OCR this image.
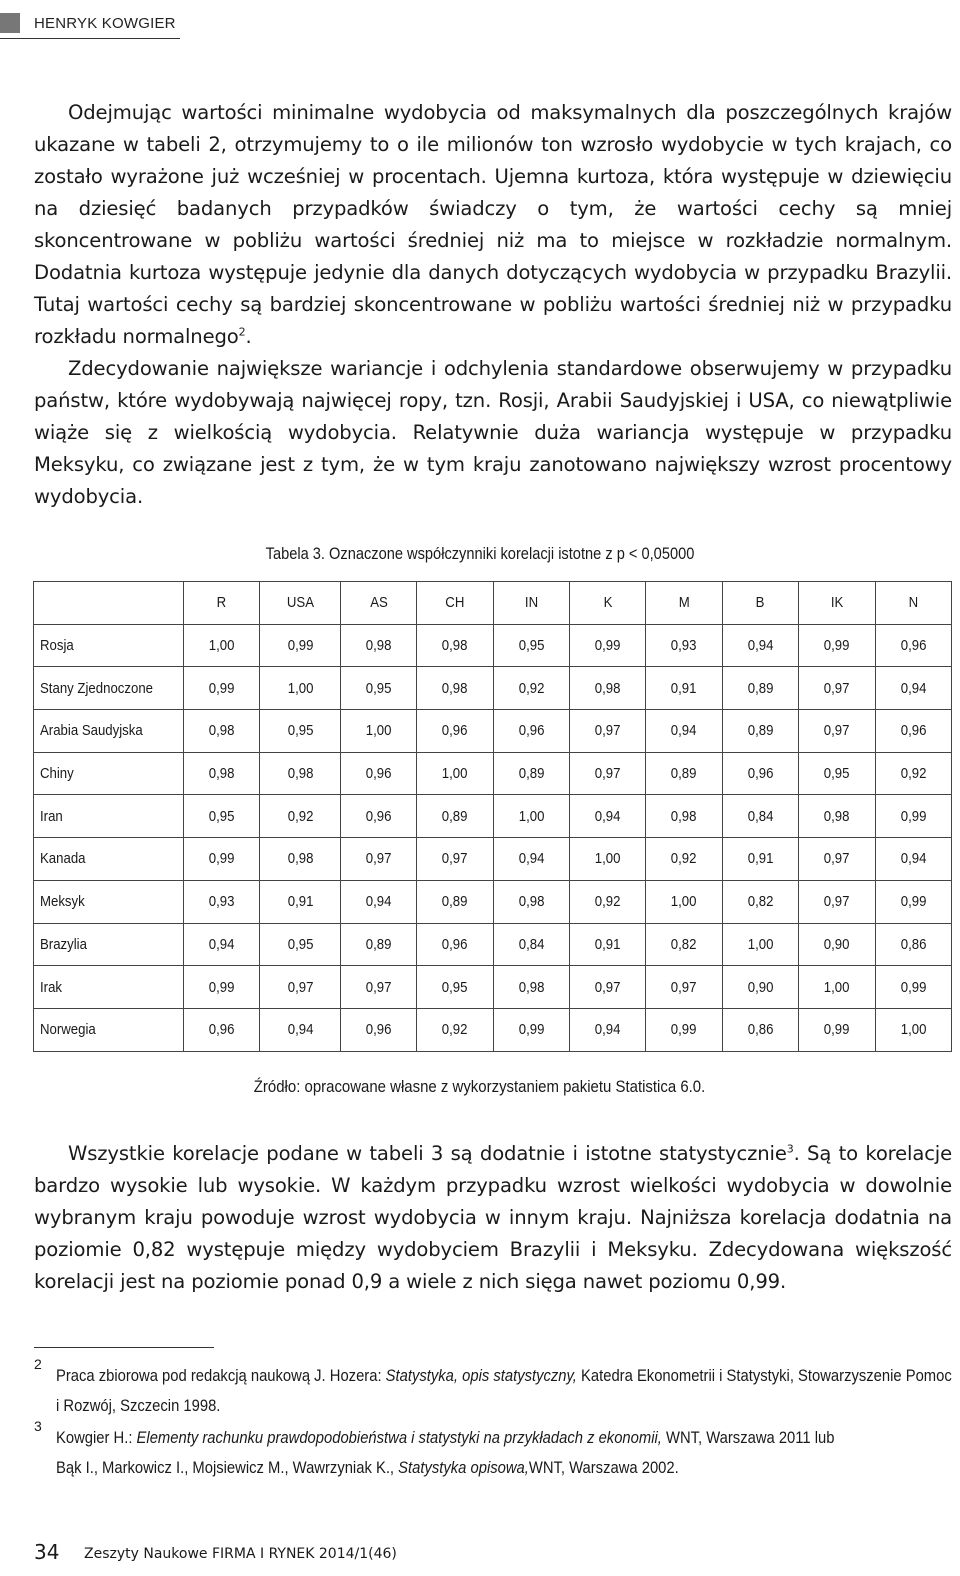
HENRYK KOWGIER

Odejmując wartości minimalne wydobycia od maksymalnych dla poszczególnych krajów ukazane w tabeli 2, otrzymujemy to o ile milionów ton wzrosło wydobycie w tych krajach, co zostało wyrażone już wcześniej w procentach. Ujemna kurtoza, która występuje w dziewięciu na dziesięć badanych przypadków świadczy o tym, że wartości cechy są mniej skoncentrowane w pobliżu wartości średniej niż ma to miejsce w rozkładzie normalnym. Dodatnia kurtoza występuje jedynie dla danych dotyczących wydobycia w przypadku Brazylii. Tutaj wartości cechy są bardziej skoncentrowane w pobliżu wartości średniej niż w przypadku rozkładu normalnego$^2$.

Zdecydowanie największe wariancje i odchylenia standardowe obserwujemy w przypadku państw, które wydobywają najwięcej ropy, tzn. Rosji, Arabii Saudyjskiej i USA, co niewątpliwie wiąże się z wielkością wydobycia. Relatywnie duża wariancja występuje w przypadku Meksyku, co związane jest z tym, że w tym kraju zanotowano największy wzrost procentowy wydobycia.

Tabela 3. Oznaczone współczynniki korelacji istotne z p < 0,05000
	R	USA	AS	CH	IN	K	M	B	IK	N
Rosja	1,00	0,99	0,98	0,98	0,95	0,99	0,93	0,94	0,99	0,96
Stany Zjednoczone	0,99	1,00	0,95	0,98	0,92	0,98	0,91	0,89	0,97	0,94
Arabia Saudyjska	0,98	0,95	1,00	0,96	0,96	0,97	0,94	0,89	0,97	0,96
Chiny	0,98	0,98	0,96	1,00	0,89	0,97	0,89	0,96	0,95	0,92
Iran	0,95	0,92	0,96	0,89	1,00	0,94	0,98	0,84	0,98	0,99
Kanada	0,99	0,98	0,97	0,97	0,94	1,00	0,92	0,91	0,97	0,94
Meksyk	0,93	0,91	0,94	0,89	0,98	0,92	1,00	0,82	0,97	0,99
Brazylia	0,94	0,95	0,89	0,96	0,84	0,91	0,82	1,00	0,90	0,86
Irak	0,99	0,97	0,97	0,95	0,98	0,97	0,97	0,90	1,00	0,99
Norwegia	0,96	0,94	0,96	0,92	0,99	0,94	0,99	0,86	0,99	1,00
Źródło: opracowane własne z wykorzystaniem pakietu Statistica 6.0.

Wszystkie korelacje podane w tabeli 3 są dodatnie i istotne statystycznie$^3$. Są to korelacje bardzo wysokie lub wysokie. W każdym przypadku wzrost wielkości wydobycia w dowolnie wybranym kraju powoduje wzrost wydobycia w innym kraju. Najniższa korelacja dodatnia na poziomie 0,82 występuje między wydobyciem Brazylii i Meksyku. Zdecydowana większość korelacji jest na poziomie ponad 0,9 a wiele z nich sięga nawet poziomu 0,99.

2
Praca zbiorowa pod redakcją naukową J. Hozera: Statystyka, opis statystyczny, Katedra Ekonometrii i Statystyki, Stowarzyszenie Pomoc i Rozwój, Szczecin 1998.
3
Kowgier H.: Elementy rachunku prawdopodobieństwa i statystyki na przykładach z ekonomii, WNT, Warszawa 2011 lub
Bąk I., Markowicz I., Mojsiewicz M., Wawrzyniak K., Statystyka opisowa,WNT, Warszawa 2002.
34 Zeszyty Naukowe FIRMA I RYNEK 2014/1(46)
